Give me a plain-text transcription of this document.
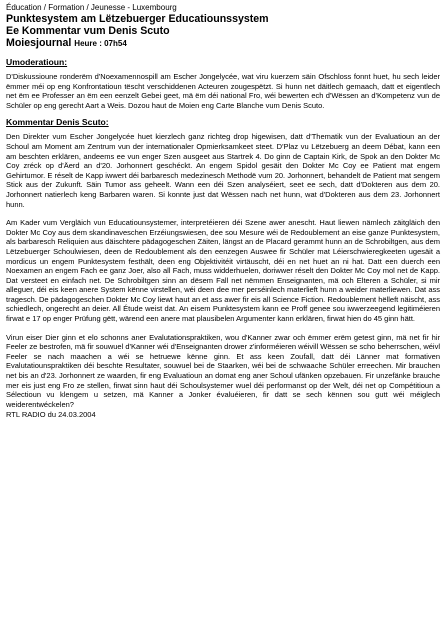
Éducation / Formation / Jeunesse - Luxembourg
Punktesystem am Lëtzebuerger Educatiounssystem
Ee Kommentar vum Denis Scuto
Moiesjournal Heure : 07h54
Umoderatioun:

D'Diskussioune ronderëm d'Noexamennospill am Escher Jongelycée, wat viru kuerzem säin Ofschloss fonnt huet, hu sech leider ëmmer méi op eng Konfrontatioun tëscht verschiddenen Acteuren zougespëtzt. Si hunn net däitlech gemaach, datt et eigentlech net ëm ee Professer an ëm een eenzelt Gebei geet, mä ëm déi national Fro, wéi bewerten ech d'Wëssen an d'Kompetenz vun de Schüler op eng gerecht Aart a Weis. Dozou haut de Moien eng Carte Blanche vum Denis Scuto.

Kommentar Denis Scuto:

Den Direkter vum Escher Jongelycée huet kierzlech ganz richteg drop higewisen, datt d'Thematik vun der Evaluatioun an der Schoul am Moment am Zentrum vun der internationaler Opmierksamkeet steet. D'Plaz vu Lëtzebuerg an deem Débat, kann een am beschten erklären, andeems ee vun enger Szen ausgeet aus Startrek 4. Do ginn de Captain Kirk, de Spok an den Dokter Mc Coy zréck op d'Äerd an d'20. Jorhonnert geschéckt. An engem Spidol gesäit den Dokter Mc Coy ee Patient mat engem Gehirtumor. E réselt de Kapp iwwert déi barbaresch medezinesch Methodë vum 20. Jorhonnert, behandelt de Patient mat sengem Stick aus der Zukunft. Säin Tumor ass geheelt. Wann een déi Szen analyséiert, seet ee sech, datt d'Dokteren aus dem 20. Jorhonnert natierlech keng Barbaren waren. Si konnte just dat Wëssen nach net hunn, wat d'Dokteren aus dem 23. Jorhonnert hunn.

Am Kader vum Vergläich vun Educatiounsystemer, interpretéieren déi Szene awer anescht. Haut liewen nämlech zäitgläich den Dokter Mc Coy aus dem skandinaveschen Erzéiungswiesen, dee sou Mesure wéi de Redoublement an eise ganze Punktesystem, als barbaresch Reliquien aus däischtere pädagogeschen Zäiten, längst an de Placard gerammt hunn an de Schrobiltgen, aus dem Lëtzebuerger Schoulwiesen, deen de Redoublement als den eenzegen Auswee fir Schüler mat Léierschwieregkeeten ugesäit a mordicus un engem Punktesystem festhält, deen eng Objektivitéit virtäuscht, déi en net huet an ni hat. Datt een duerch een Noexamen an engem Fach ee ganz Joer, also all Fach, muss widderhuelen, doriwwer réselt den Dokter Mc Coy mol net de Kapp. Dat versteet en einfach net. De Schrobiltgen sinn an dësem Fall net nëmmen Enseignanten, mä och Elteren a Schüler, si mir alleguer, déi eis keen anere System kënne virstellen, wéi deen dee mer perséinlech materlieft hunn a weider materliewen. Dat ass tragesch. De pädagogeschen Dokter Mc Coy liewt haut an et ass awer fir eis all Science Fiction. Redoublement hëlleft näischt, ass schiedlech, ongerecht an deier. All Étude weist dat. An eisem Punktesystem kann ee Proff genee sou iwwerzeegend legitiméieren firwat e 17 op enger Prüfung gëtt, wärend een anere mat plausibelen Argumenter kann erklären, firwat hien do 45 ginn hätt.

Virun eiser Dier ginn et elo schonns aner Evalutationspraktiken, wou d'Kanner zwar och ëmmer erëm getest ginn, mä net fir hir Feeler ze bestrofen, mä fir souwuel d'Kanner wéi d'Enseignanten drower z'informéieren wéivill Wëssen se scho beherrschen, wéivl Feeler se nach maachen a wéi se hetruewe kënne ginn. Et ass keen Zoufall, datt déi Länner mat formativen Evalutatiounspraktiken déi beschte Resultater, souwuel bei de Staarken, wéi bei de schwaache Schüler erreechen. Mir brauchen net bis an d'23. Jorhonnert ze waarden, fir eng Evaluatioun an domat eng aner Schoul ufänken opzebauen. Fir unzefänke brauche mer eis just eng Fro ze stellen, firwat sinn haut déi Schoulsystemer wuel déi performanst op der Welt, déi net op Compétitioun a Sélectioun vu klengem u setzen, mä Kanner a Jonker évaluéieren, fir datt se sech kënnen sou gutt wéi méiglech weiderentwéckelen?

RTL RADIO du 24.03.2004
